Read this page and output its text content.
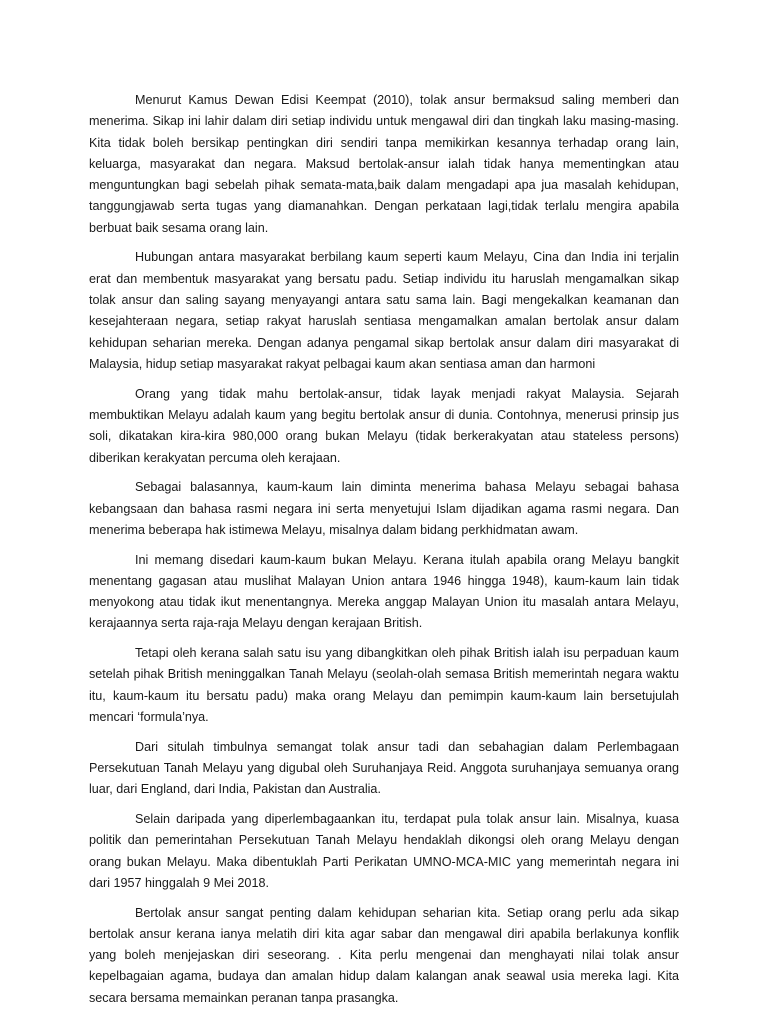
Menurut Kamus Dewan Edisi Keempat (2010), tolak ansur bermaksud saling memberi dan menerima. Sikap ini lahir dalam diri setiap individu untuk mengawal diri dan tingkah laku masing-masing. Kita tidak boleh bersikap pentingkan diri sendiri tanpa memikirkan kesannya terhadap orang lain, keluarga, masyarakat dan negara. Maksud bertolak-ansur ialah tidak hanya mementingkan atau menguntungkan bagi sebelah pihak semata-mata,baik dalam mengadapi apa jua masalah kehidupan, tanggungjawab serta tugas yang diamanahkan. Dengan perkataan lagi,tidak terlalu mengira apabila berbuat baik sesama orang lain.

Hubungan antara masyarakat berbilang kaum seperti kaum Melayu, Cina dan India ini terjalin erat dan membentuk masyarakat yang bersatu padu. Setiap individu itu haruslah mengamalkan sikap tolak ansur dan saling sayang menyayangi antara satu sama lain. Bagi mengekalkan keamanan dan kesejahteraan negara, setiap rakyat haruslah sentiasa mengamalkan amalan bertolak ansur dalam kehidupan seharian mereka. Dengan adanya pengamal sikap bertolak ansur dalam diri masyarakat di Malaysia, hidup setiap masyarakat rakyat pelbagai kaum akan sentiasa aman dan harmoni

Orang yang tidak mahu bertolak-ansur, tidak layak menjadi rakyat Malaysia. Sejarah membuktikan Melayu adalah kaum yang begitu bertolak ansur di dunia. Contohnya, menerusi prinsip jus soli, dikatakan kira-kira 980,000 orang bukan Melayu (tidak berkerakyatan atau stateless persons) diberikan kerakyatan percuma oleh kerajaan.

Sebagai balasannya, kaum-kaum lain diminta menerima bahasa Melayu sebagai bahasa kebangsaan dan bahasa rasmi negara ini serta menyetujui Islam dijadikan agama rasmi negara. Dan menerima beberapa hak istimewa Melayu, misalnya dalam bidang perkhidmatan awam.

Ini memang disedari kaum-kaum bukan Melayu. Kerana itulah apabila orang Melayu bangkit menentang gagasan atau muslihat Malayan Union antara 1946 hingga 1948), kaum-kaum lain tidak menyokong atau tidak ikut menentangnya. Mereka anggap Malayan Union itu masalah antara Melayu, kerajaannya serta raja-raja Melayu dengan kerajaan British.

Tetapi oleh kerana salah satu isu yang dibangkitkan oleh pihak British ialah isu perpaduan kaum setelah pihak British meninggalkan Tanah Melayu (seolah-olah semasa British memerintah negara waktu itu, kaum-kaum itu bersatu padu) maka orang Melayu dan pemimpin kaum-kaum lain bersetujulah mencari ‘formula’nya.

Dari situlah timbulnya semangat tolak ansur tadi dan sebahagian dalam Perlembagaan Persekutuan Tanah Melayu yang digubal oleh Suruhanjaya Reid. Anggota suruhanjaya semuanya orang luar, dari England, dari India, Pakistan dan Australia.

Selain daripada yang diperlembagaankan itu, terdapat pula tolak ansur lain. Misalnya, kuasa politik dan pemerintahan Persekutuan Tanah Melayu hendaklah dikongsi oleh orang Melayu dengan orang bukan Melayu. Maka dibentuklah Parti Perikatan UMNO-MCA-MIC yang memerintah negara ini dari 1957 hinggalah 9 Mei 2018.

Bertolak ansur sangat penting dalam kehidupan seharian kita. Setiap orang perlu ada sikap bertolak ansur kerana ianya melatih diri kita agar sabar dan mengawal diri apabila berlakunya konflik yang boleh menjejaskan diri seseorang. . Kita perlu mengenai dan menghayati nilai tolak ansur kepelbagaian agama, budaya dan amalan hidup dalam kalangan anak seawal usia mereka lagi. Kita secara bersama memainkan peranan tanpa prasangka.
